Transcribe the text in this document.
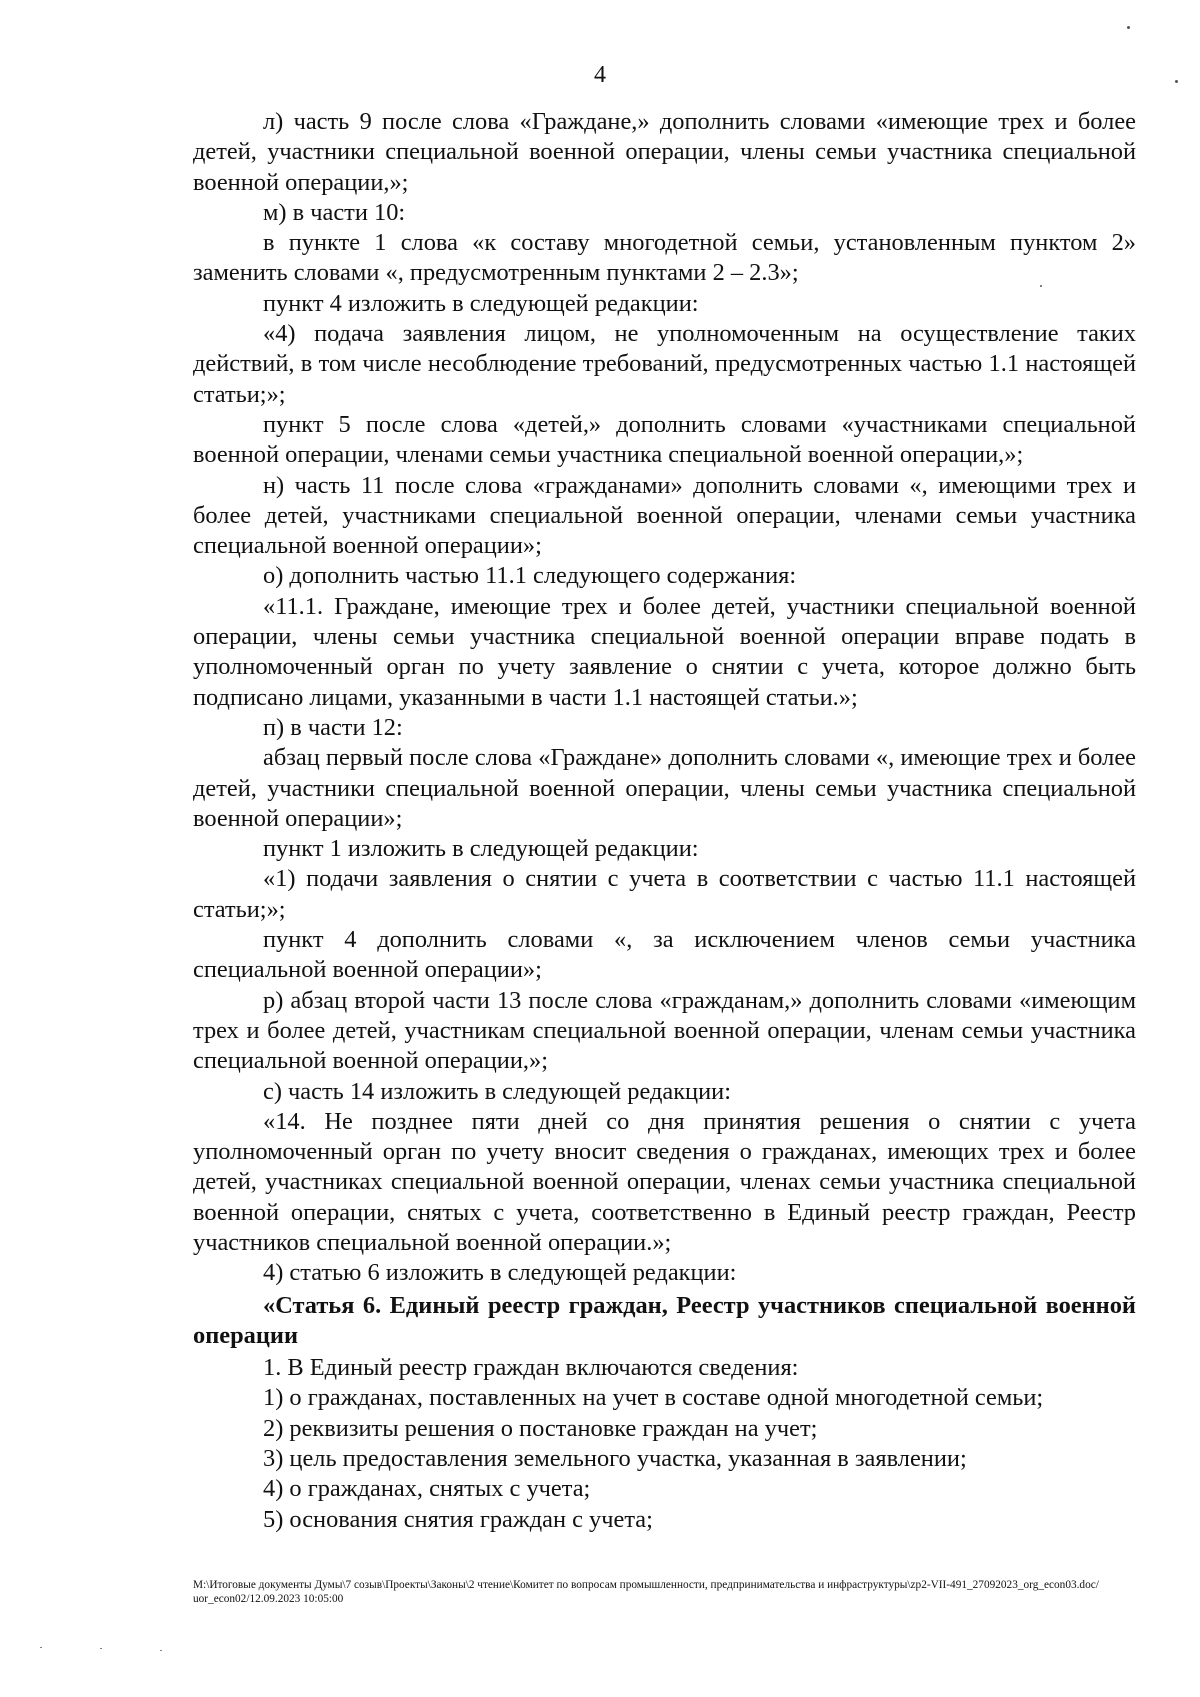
4

л) часть 9 после слова «Граждане,» дополнить словами «имеющие трех и более детей, участники специальной военной операции, члены семьи участника специальной военной операции,»;

м) в части 10:

в пункте 1 слова «к составу многодетной семьи, установленным пунктом 2» заменить словами «, предусмотренным пунктами 2 – 2.3»;

пункт 4 изложить в следующей редакции:

«4) подача заявления лицом, не уполномоченным на осуществление таких действий, в том числе несоблюдение требований, предусмотренных частью 1.1 настоящей статьи;»;

пункт 5 после слова «детей,» дополнить словами «участниками специальной военной операции, членами семьи участника специальной военной операции,»;

н) часть 11 после слова «гражданами» дополнить словами «, имеющими трех и более детей, участниками специальной военной операции, членами семьи участника специальной военной операции»;

о) дополнить частью 11.1 следующего содержания:

«11.1. Граждане, имеющие трех и более детей, участники специальной военной операции, члены семьи участника специальной военной операции вправе подать в уполномоченный орган по учету заявление о снятии с учета, которое должно быть подписано лицами, указанными в части 1.1 настоящей статьи.»;

п) в части 12:

абзац первый после слова «Граждане» дополнить словами «, имеющие трех и более детей, участники специальной военной операции, члены семьи участника специальной военной операции»;

пункт 1 изложить в следующей редакции:

«1) подачи заявления о снятии с учета в соответствии с частью 11.1 настоящей статьи;»;

пункт 4 дополнить словами «, за исключением членов семьи участника специальной военной операции»;

р) абзац второй части 13 после слова «гражданам,» дополнить словами «имеющим трех и более детей, участникам специальной военной операции, членам семьи участника специальной военной операции,»;

с) часть 14 изложить в следующей редакции:

«14. Не позднее пяти дней со дня принятия решения о снятии с учета уполномоченный орган по учету вносит сведения о гражданах, имеющих трех и более детей, участниках специальной военной операции, членах семьи участника специальной военной операции, снятых с учета, соответственно в Единый реестр граждан, Реестр участников специальной военной операции.»;

4) статью 6 изложить в следующей редакции:

«Статья 6. Единый реестр граждан, Реестр участников специальной военной операции

1. В Единый реестр граждан включаются сведения:

1) о гражданах, поставленных на учет в составе одной многодетной семьи;

2) реквизиты решения о постановке граждан на учет;

3) цель предоставления земельного участка, указанная в заявлении;

4) о гражданах, снятых с учета;

5) основания снятия граждан с учета;

М:\Итоговые документы Думы\7 созыв\Проекты\Законы\2 чтение\Комитет по вопросам промышленности, предпринимательства и инфраструктуры\zp2-VII-491_27092023_org_econ03.doc/ uor_econ02/12.09.2023 10:05:00
